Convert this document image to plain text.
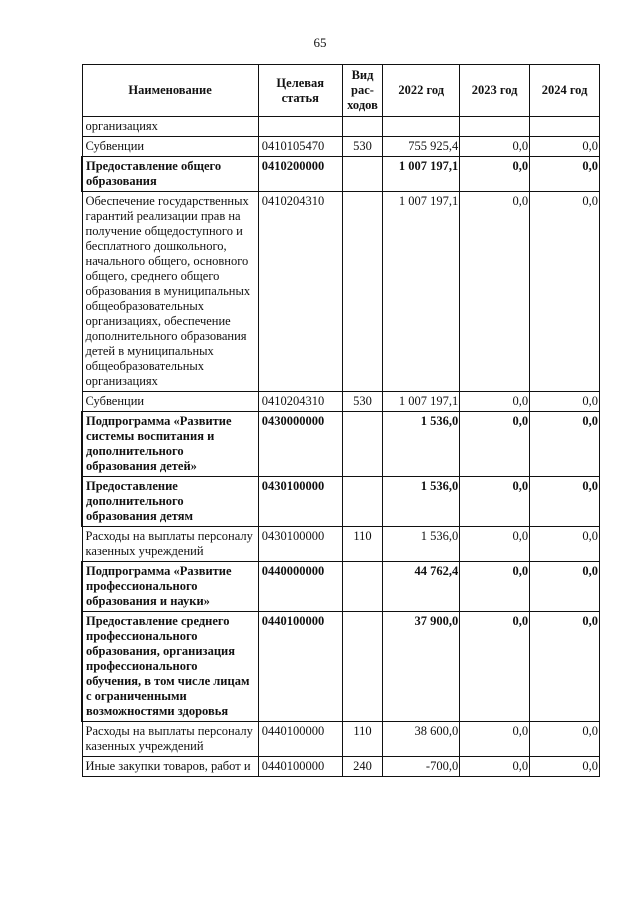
65
Наименование	Целевая статья	Вид рас-ходов	2022 год	2023 год	2024 год
организациях					
Субвенции	0410105470	530	755 925,4	0,0	0,0
Предоставление общего образования	0410200000		1 007 197,1	0,0	0,0
Обеспечение государственных гарантий реализации прав на получение общедоступного и бесплатного дошкольного, начального общего, основного общего, среднего общего образования в муниципальных общеобразовательных организациях, обеспечение дополнительного образования детей в муниципальных общеобразовательных организациях	0410204310		1 007 197,1	0,0	0,0
Субвенции	0410204310	530	1 007 197,1	0,0	0,0
Подпрограмма «Развитие системы воспитания и дополнительного образования детей»	0430000000		1 536,0	0,0	0,0
Предоставление дополнительного образования детям	0430100000		1 536,0	0,0	0,0
Расходы на выплаты персоналу казенных учреждений	0430100000	110	1 536,0	0,0	0,0
Подпрограмма «Развитие профессионального образования и науки»	0440000000		44 762,4	0,0	0,0
Предоставление среднего профессионального образования, организация профессионального обучения, в том числе лицам с ограниченными возможностями здоровья	0440100000		37 900,0	0,0	0,0
Расходы на выплаты персоналу казенных учреждений	0440100000	110	38 600,0	0,0	0,0
Иные закупки товаров, работ и	0440100000	240	-700,0	0,0	0,0
